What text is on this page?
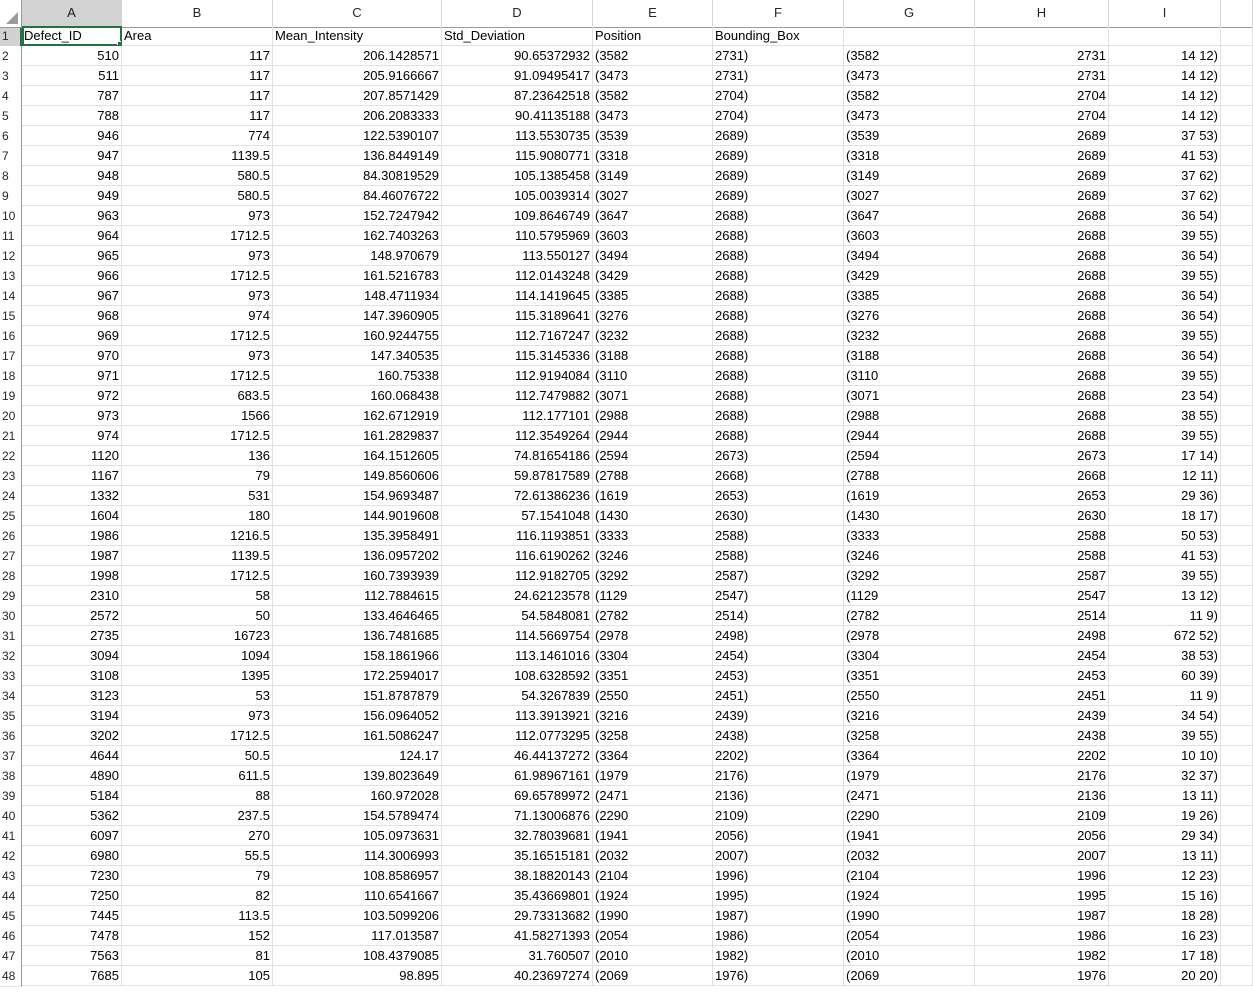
A	B	C	D	E	F	G	H	I
1	Defect_ID	Area	Mean_Intensity	Std_Deviation	Position	Bounding_Box
2	510	117	206.1428571	90.65372932 (3582	2731)	(3582	2731	14 12)
3	511	117	205.9166667	91.09495417 (3473	2731)	(3473	2731	14 12)
4	787	117	207.8571429	87.23642518 (3582	2704)	(3582	2704	14 12)
5	788	117	206.2083333	90.41135188 (3473	2704)	(3473	2704	14 12)
6	946	774	122.5390107	113.5530735 (3539	2689)	(3539	2689	37 53)
7	947	1139.5	136.8449149	115.9080771 (3318	2689)	(3318	2689	41 53)
8	948	580.5	84.30819529	105.1385458 (3149	2689)	(3149	2689	37 62)
9	949	580.5	84.46076722	105.0039314 (3027	2689)	(3027	2689	37 62)
10	963	973	152.7247942	109.8646749 (3647	2688)	(3647	2688	36 54)
11	964	1712.5	162.7403263	110.5795969 (3603	2688)	(3603	2688	39 55)
12	965	973	148.970679	113.550127 (3494	2688)	(3494	2688	36 54)
13	966	1712.5	161.5216783	112.0143248 (3429	2688)	(3429	2688	39 55)
14	967	973	148.4711934	114.1419645 (3385	2688)	(3385	2688	36 54)
15	968	974	147.3960905	115.3189641 (3276	2688)	(3276	2688	36 54)
16	969	1712.5	160.9244755	112.7167247 (3232	2688)	(3232	2688	39 55)
17	970	973	147.340535	115.3145336 (3188	2688)	(3188	2688	36 54)
18	971	1712.5	160.75338	112.9194084 (3110	2688)	(3110	2688	39 55)
19	972	683.5	160.068438	112.7479882 (3071	2688)	(3071	2688	23 54)
20	973	1566	162.6712919	112.177101 (2988	2688)	(2988	2688	38 55)
21	974	1712.5	161.2829837	112.3549264 (2944	2688)	(2944	2688	39 55)
22	1120	136	164.1512605	74.81654186 (2594	2673)	(2594	2673	17 14)
23	1167	79	149.8560606	59.87817589 (2788	2668)	(2788	2668	12 11)
24	1332	531	154.9693487	72.61386236 (1619	2653)	(1619	2653	29 36)
25	1604	180	144.9019608	57.1541048 (1430	2630)	(1430	2630	18 17)
26	1986	1216.5	135.3958491	116.1193851 (3333	2588)	(3333	2588	50 53)
27	1987	1139.5	136.0957202	116.6190262 (3246	2588)	(3246	2588	41 53)
28	1998	1712.5	160.7393939	112.9182705 (3292	2587)	(3292	2587	39 55)
29	2310	58	112.7884615	24.62123578 (1129	2547)	(1129	2547	13 12)
30	2572	50	133.4646465	54.5848081 (2782	2514)	(2782	2514	11 9)
31	2735	16723	136.7481685	114.5669754 (2978	2498)	(2978	2498	672 52)
32	3094	1094	158.1861966	113.1461016 (3304	2454)	(3304	2454	38 53)
33	3108	1395	172.2594017	108.6328592 (3351	2453)	(3351	2453	60 39)
34	3123	53	151.8787879	54.3267839 (2550	2451)	(2550	2451	11 9)
35	3194	973	156.0964052	113.3913921 (3216	2439)	(3216	2439	34 54)
36	3202	1712.5	161.5086247	112.0773295 (3258	2438)	(3258	2438	39 55)
37	4644	50.5	124.17	46.44137272 (3364	2202)	(3364	2202	10 10)
38	4890	611.5	139.8023649	61.98967161 (1979	2176)	(1979	2176	32 37)
39	5184	88	160.972028	69.65789972 (2471	2136)	(2471	2136	13 11)
40	5362	237.5	154.5789474	71.13006876 (2290	2109)	(2290	2109	19 26)
41	6097	270	105.0973631	32.78039681 (1941	2056)	(1941	2056	29 34)
42	6980	55.5	114.3006993	35.16515181 (2032	2007)	(2032	2007	13 11)
43	7230	79	108.8586957	38.18820143 (2104	1996)	(2104	1996	12 23)
44	7250	82	110.6541667	35.43669801 (1924	1995)	(1924	1995	15 16)
45	7445	113.5	103.5099206	29.73313682 (1990	1987)	(1990	1987	18 28)
46	7478	152	117.013587	41.58271393 (2054	1986)	(2054	1986	16 23)
47	7563	81	108.4379085	31.760507 (2010	1982)	(2010	1982	17 18)
48	7685	105	98.895	40.23697274 (2069	1976)	(2069	1976	20 20)
